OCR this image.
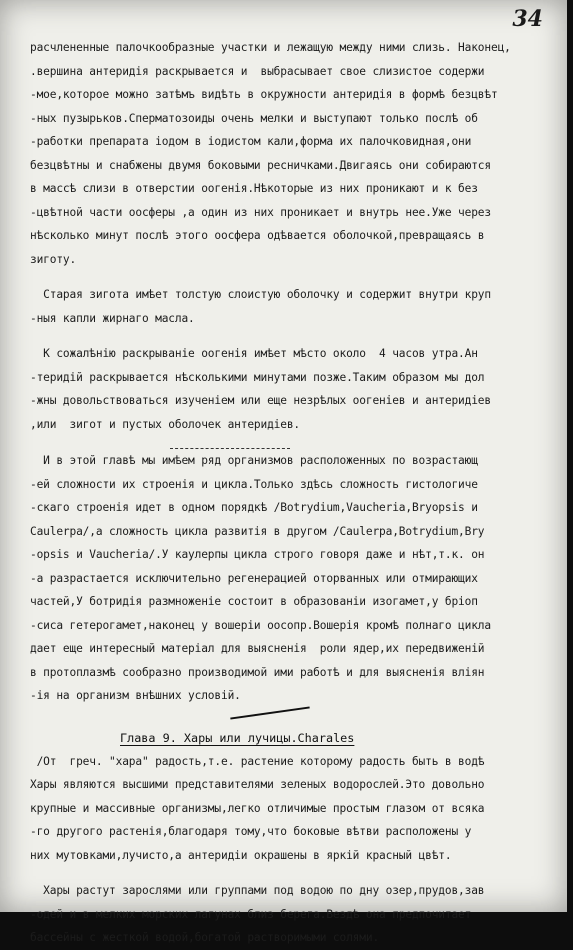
34
расчлененные палочкообразные участки и лежащую между ними слизь. Наконец,
.вершина антеридія раскрывается и  выбрасывает свое слизистое содержи
-мое,которое можно затѣмъ видѣть в окружности антеридія в формѣ безцвѣт
-ных пузырьков.Сперматозоиды очень мелки и выступают только послѣ об
-работки препарата іодом в іодистом кали,форма их палочковидная,они
безцвѣтны и снабжены двумя боковыми ресничками.Двигаясь они собираются
в массѣ слизи в отверстии оогенія.Нѣкоторые из них проникают и к без
-цвѣтной части оосферы ,а один из них проникает и внутрь нее.Уже через
нѣсколько минут послѣ этого оосфера одѣвается оболочкой,превращаясь в
зиготу.
Старая зигота имѣет толстую слоистую оболочку и содержит внутри круп
-ныя капли жирнаго масла.
К сожалѣнію раскрываніе оогенія имѣет мѣсто около  4 часов утра.Ан
-теридій раскрывается нѣсколькими минутами позже.Таким образом мы дол
-жны довольствоваться изученіем или еще незрѣлых оогенiев и антеридiев
,или  зигот и пустых оболочек антеридiев.
И в этой главѣ мы имѣем ряд организмов расположенных по возрастающ
-ей сложности их строенія и цикла.Только здѣсь сложность гистологиче
-скаго строенія идет в одном порядкѣ /Botrydium,Vaucheria,Bryopsis и
Caulerpa/,а сложность цикла развитія в другом /Caulerpa,Botrydium,Bry
-opsis и Vaucheria/.У каулерпы цикла строго говоря даже и нѣт,т.к. он
-а разрастается исключительно регенерацией оторванных или отмирающих
частей,У ботридія размноженіе состоит в образованіи изогамет,у бріоп
-сиса гетерогамет,наконец у вошеріи оосопр.Вошерія кромѣ полнаго цикла
дает еще интересный матеріал для выясненія  роли ядер,их передвиженій
в протоплазмѣ сообразно производимой ими работѣ и для выясненія вліян
-ія на организм внѣшних условій.
Глава 9. Хары или лучицы.Charales
/От  греч. "хара" радость,т.е. растение которому радость быть в водѣ
Хары являются высшими представителями зеленых водорослей.Это довольно
крупные и массивные организмы,легко отличимые простым глазом от всяка
-го другого растенія,благодаря тому,что боковые вѣтви расположены у
них мутовками,лучисто,а антеридіи окрашены в яркій красный цвѣт.
Хары растут зарослями или группами под водою по дну озер,прудов,зав
-одей и в мелких морских лагунах близ берега.Вездѣ она предпочитает
бассейны с жесткой водой,богатой растворимыми солями.
